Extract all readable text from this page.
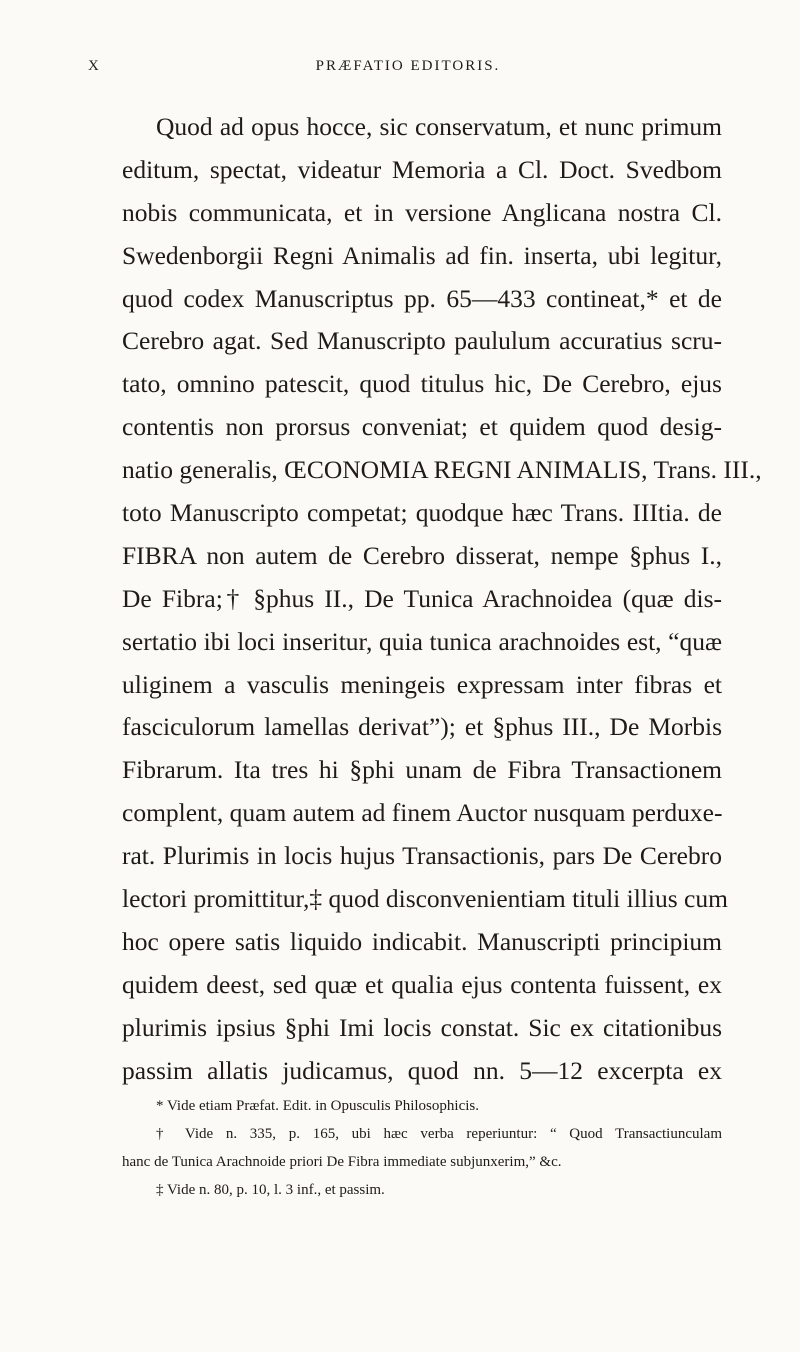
X	PRÆFATIO EDITORIS.
Quod ad opus hocce, sic conservatum, et nunc primum
editum, spectat, videatur Memoria a Cl. Doct. Svedbom
nobis communicata, et in versione Anglicana nostra Cl.
Swedenborgii Regni Animalis ad fin. inserta, ubi legitur,
quod codex Manuscriptus pp. 65—433 contineat,* et de
Cerebro agat. Sed Manuscripto paululum accuratius scru-
tato, omnino patescit, quod titulus hic, De Cerebro, ejus
contentis non prorsus conveniat; et quidem quod desig-
natio generalis, ŒCONOMIA REGNI ANIMALIS, Trans. III.,
toto Manuscripto competat; quodque hæc Trans. IIItia. de
FIBRA non autem de Cerebro disserat, nempe §phus I.,
De Fibra;† §phus II., De Tunica Arachnoidea (quæ dis-
sertatio ibi loci inseritur, quia tunica arachnoides est, “quæ
uliginem a vasculis meningeis expressam inter fibras et
fasciculorum lamellas derivat”); et §phus III., De Morbis
Fibrarum. Ita tres hi §phi unam de Fibra Transactionem
complent, quam autem ad finem Auctor nusquam perduxe-
rat. Plurimis in locis hujus Transactionis, pars De Cerebro
lectori promittitur,‡ quod disconvenientiam tituli illius cum
hoc opere satis liquido indicabit. Manuscripti principium
quidem deest, sed quæ et qualia ejus contenta fuissent, ex
plurimis ipsius §phi Imi locis constat. Sic ex citationibus
passim allatis judicamus, quod nn. 5—12 excerpta ex
* Vide etiam Præfat. Edit. in Opusculis Philosophicis.
† Vide n. 335, p. 165, ubi hæc verba reperiuntur: “ Quod Transactiunculam
hanc de Tunica Arachnoide priori De Fibra immediate subjunxerim,” &c.
‡ Vide n. 80, p. 10, l. 3 inf., et passim.
